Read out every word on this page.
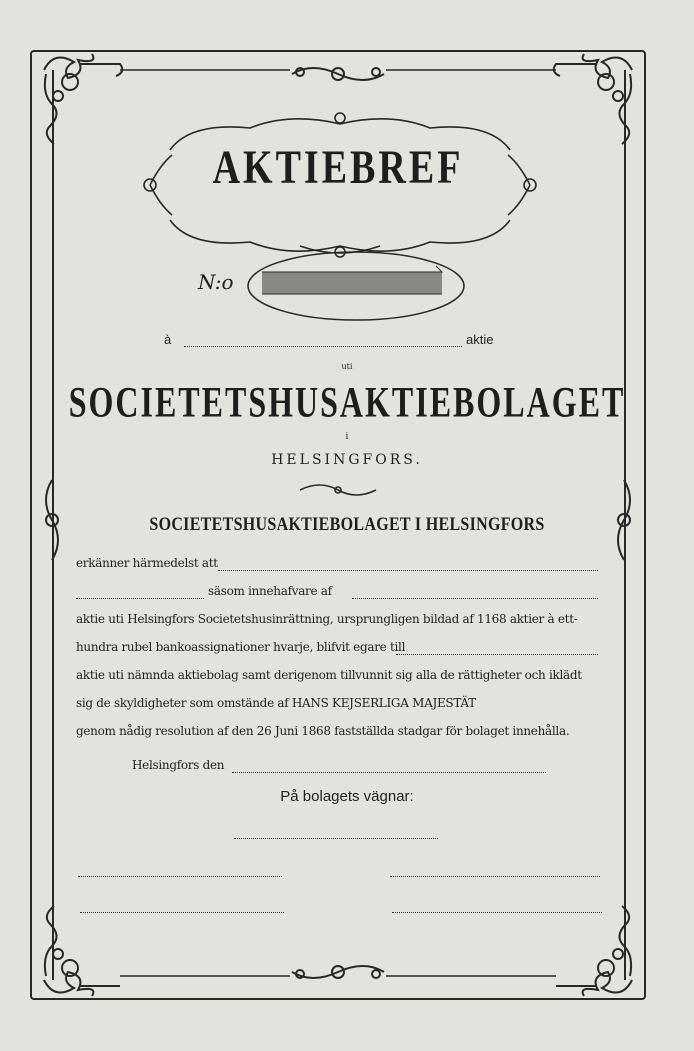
AKTIEBREF
N:o
à	aktie
uti
SOCIETETSHUSAKTIEBOLAGET
i
HELSINGFORS.
SOCIETETSHUSAKTIEBOLAGET I HELSINGFORS
erkänner härmedelst att
säsom innehafvare af
aktie uti Helsingfors Societetshusinrättning, ursprungligen bildad af 1168 aktier à ett-
hundra rubel bankoassignationer hvarje, blifvit egare till
aktie uti nämnda aktiebolag samt derigenom tillvunnit sig alla de rättigheter och iklädt
sig de skyldigheter som omständе af HANS KEJSERLIGA MAJESTÄT
genom nådig resolution af den 26 Juni 1868 fastställda stadgar för bolaget innehålla.
Helsingfors den
På bolagets vägnar:
